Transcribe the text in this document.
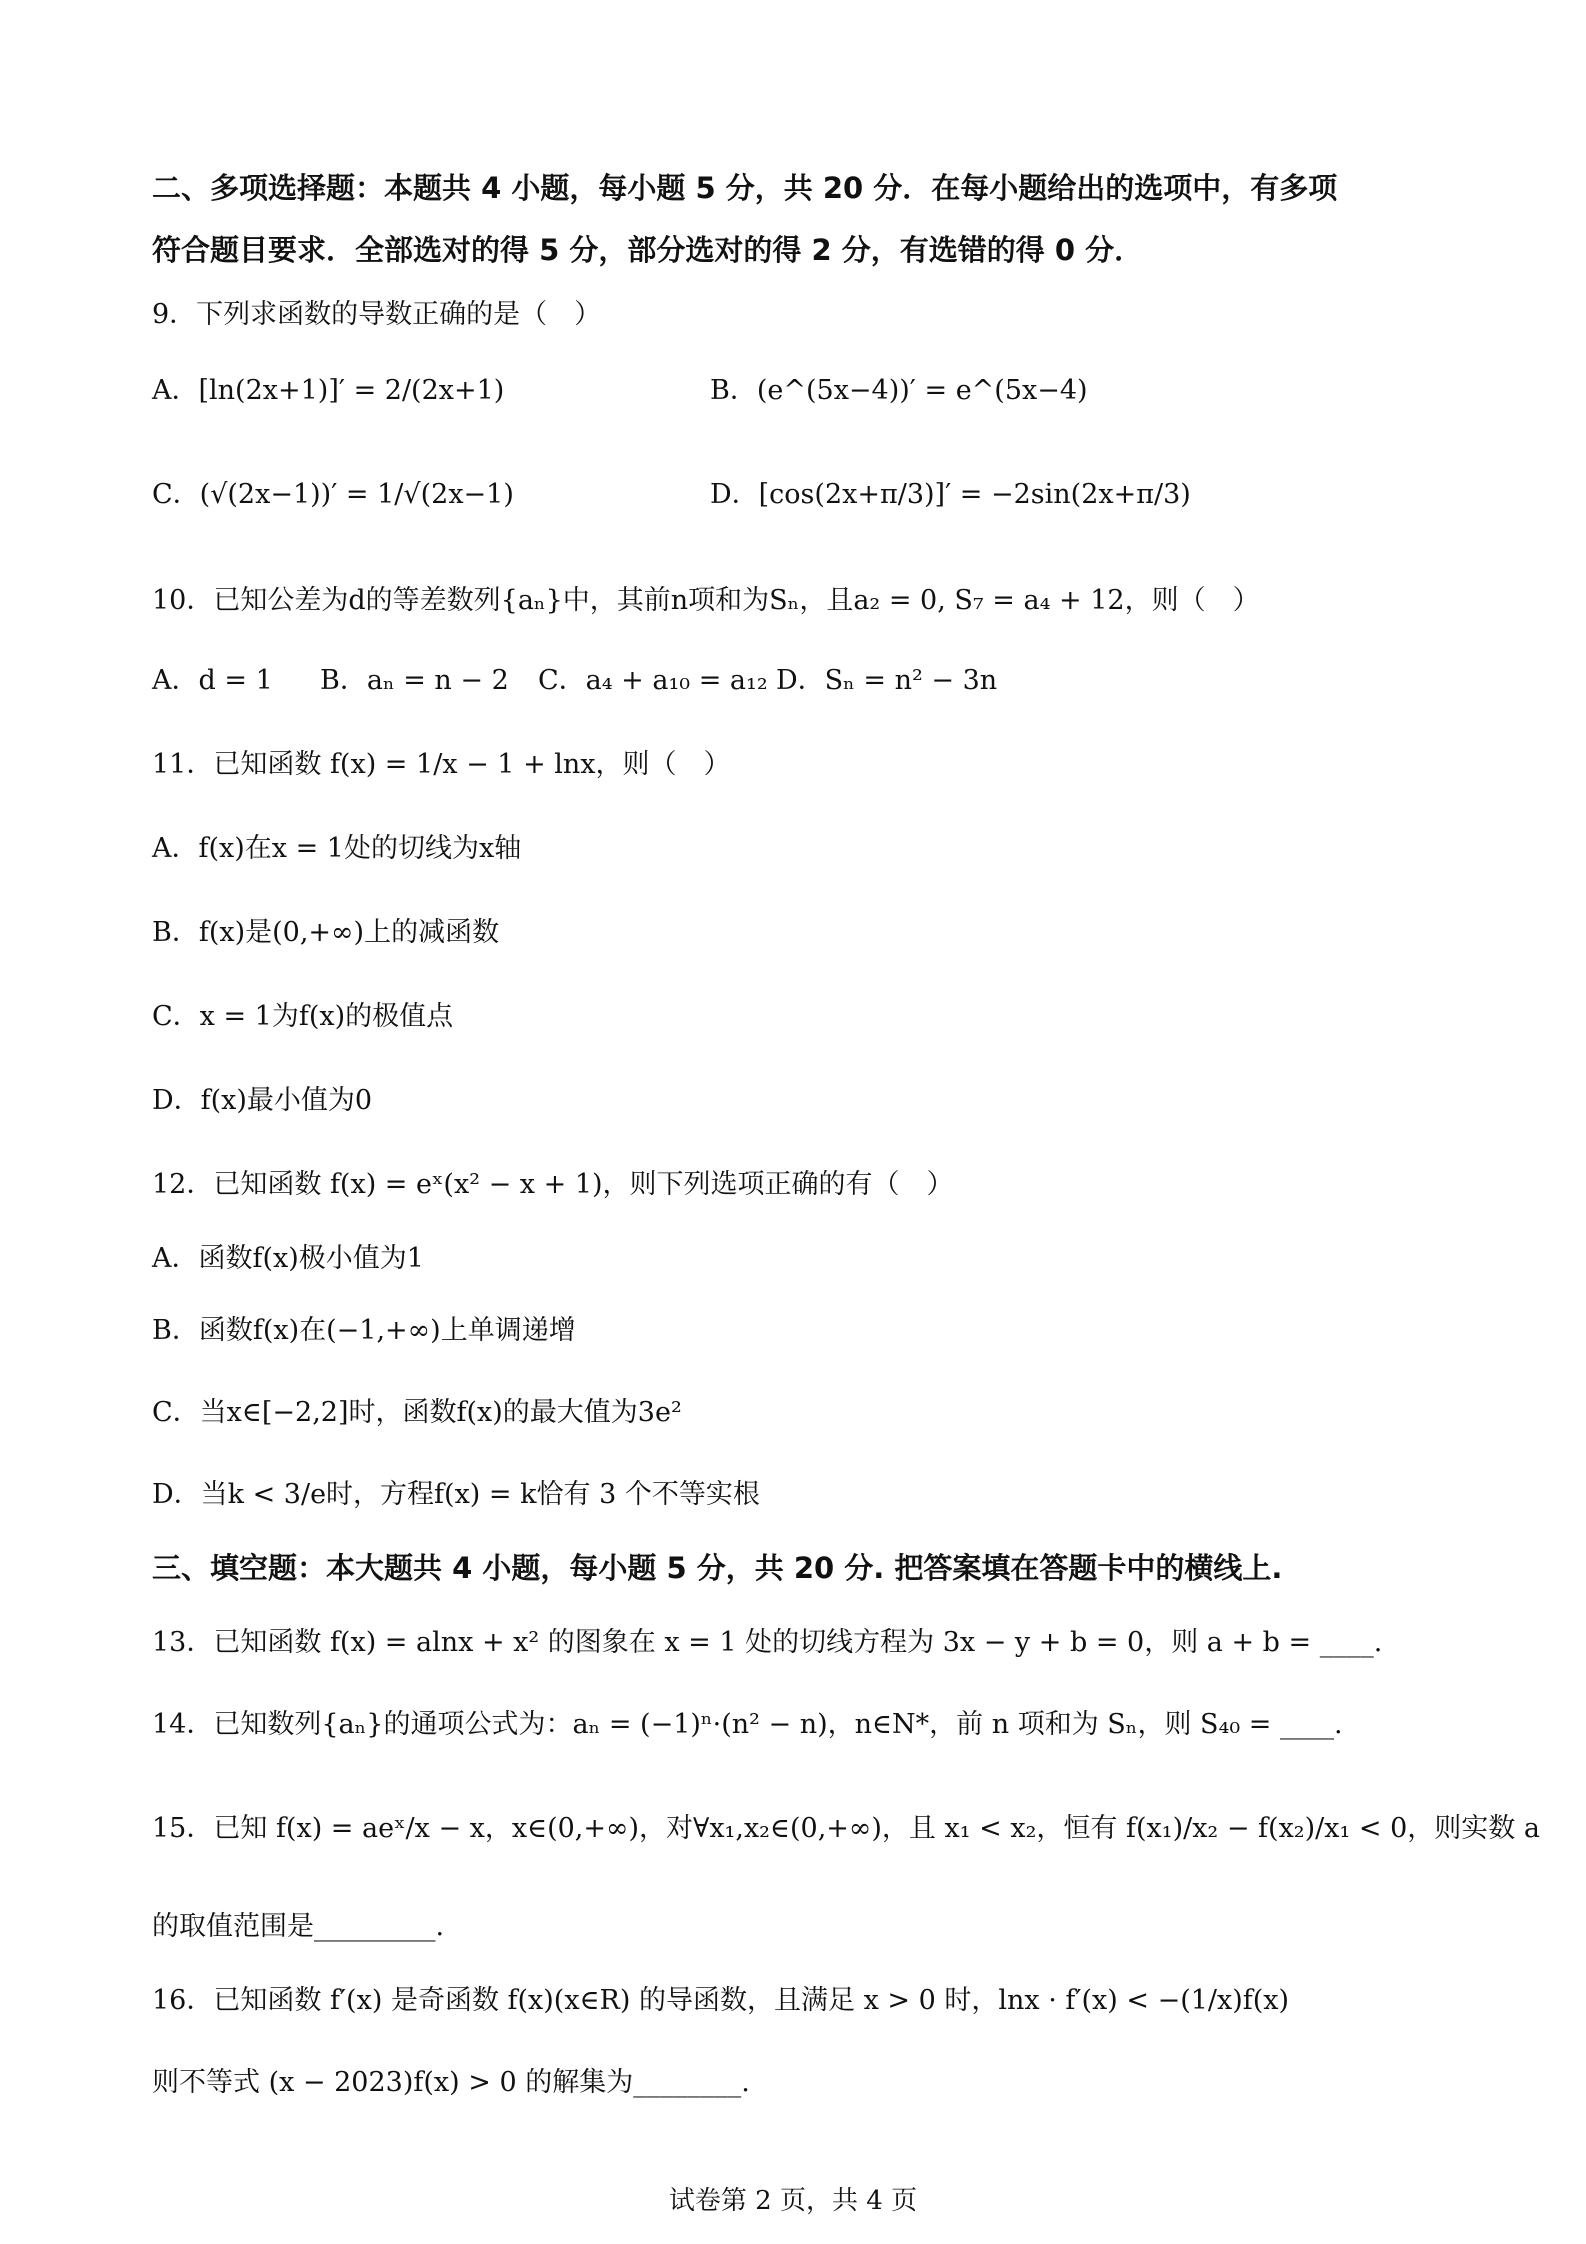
二、多项选择题：本题共 4 小题，每小题 5 分，共 20 分．在每小题给出的选项中，有多项
符合题目要求．全部选对的得 5 分，部分选对的得 2 分，有选错的得 0 分．
9．下列求函数的导数正确的是（　）
A．[ln(2x+1)]′ = 2/(2x+1)	B．(e^(5x−4))′ = e^(5x−4)
C．(√(2x−1))′ = 1/√(2x−1)	D．[cos(2x+π/3)]′ = −2sin(2x+π/3)
10．已知公差为d的等差数列{aₙ}中，其前n项和为Sₙ，且a₂ = 0, S₇ = a₄ + 12，则（　）
A．d = 1 B．aₙ = n − 2 C．a₄ + a₁₀ = a₁₂ D．Sₙ = n² − 3n
11．已知函数 f(x) = 1/x − 1 + lnx，则（　）
A．f(x)在x = 1处的切线为x轴
B．f(x)是(0,+∞)上的减函数
C．x = 1为f(x)的极值点
D．f(x)最小值为0
12．已知函数 f(x) = eˣ(x² − x + 1)，则下列选项正确的有（　）
A．函数f(x)极小值为1
B．函数f(x)在(−1,+∞)上单调递增
C．当x∈[−2,2]时，函数f(x)的最大值为3e²
D．当k < 3/e时，方程f(x) = k恰有 3 个不等实根
三、填空题：本大题共 4 小题，每小题 5 分，共 20 分. 把答案填在答题卡中的横线上.
13．已知函数 f(x) = alnx + x² 的图象在 x = 1 处的切线方程为 3x − y + b = 0，则 a + b = ____.
14．已知数列{aₙ}的通项公式为：aₙ = (−1)ⁿ·(n² − n)，n∈N*，前 n 项和为 Sₙ，则 S₄₀ = ____.
15．已知 f(x) = aeˣ/x − x，x∈(0,+∞)，对∀x₁,x₂∈(0,+∞)，且 x₁ < x₂，恒有 f(x₁)/x₂ − f(x₂)/x₁ < 0，则实数 a
的取值范围是_________.
16．已知函数 f′(x) 是奇函数 f(x)(x∈R) 的导函数，且满足 x > 0 时，lnx · f′(x) < −(1/x)f(x)
则不等式 (x − 2023)f(x) > 0 的解集为________.
试卷第 2 页，共 4 页
